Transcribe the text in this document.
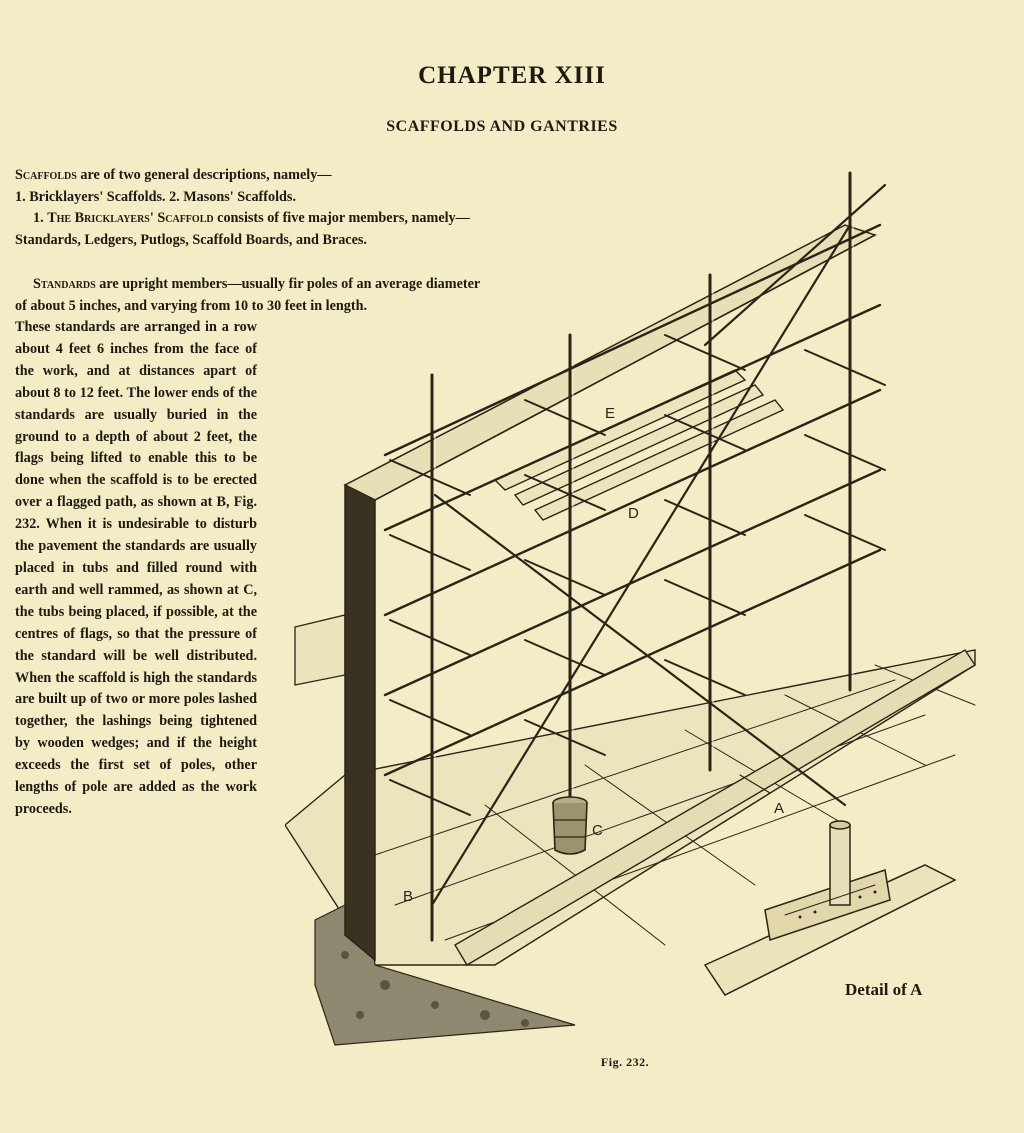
CHAPTER XIII
SCAFFOLDS AND GANTRIES

Scaffolds are of two general descriptions, namely—
1. Bricklayers' Scaffolds. 2. Masons' Scaffolds.

1. The Bricklayers' Scaffold consists of five major members, namely—Standards, Ledgers, Putlogs, Scaffold Boards, and Braces.

Standards are upright members—usually fir poles of an average diameter of about 5 inches, and varying from 10 to 30 feet in length.

These standards are arranged in a row about 4 feet 6 inches from the face of the work, and at distances apart of about 8 to 12 feet. The lower ends of the standards are usually buried in the ground to a depth of about 2 feet, the flags being lifted to enable this to be done when the scaffold is to be erected over a flagged path, as shown at B, Fig. 232. When it is undesirable to disturb the pavement the standards are usually placed in tubs and filled round with earth and well rammed, as shown at C, the tubs being placed, if possible, at the centres of flags, so that the pressure of the standard will be well distributed. When the scaffold is high the standards are built up of two or more poles lashed together, the lashings being tightened by wooden wedges; and if the height exceeds the first set of poles, other lengths of pole are added as the work proceeds.

E
D
C
B
A
Detail of A
Fig. 232.
